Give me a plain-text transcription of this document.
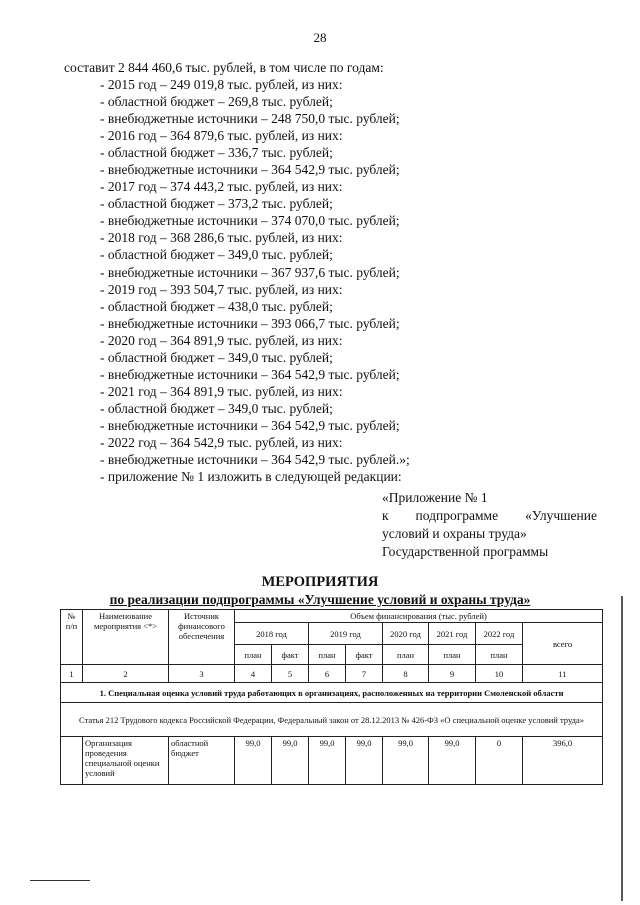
28
составит 2 844 460,6 тыс. рублей, в том числе по годам:
- 2015 год – 249 019,8 тыс. рублей, из них:
- областной бюджет – 269,8 тыс. рублей;
- внебюджетные источники – 248 750,0 тыс. рублей;
- 2016 год – 364 879,6 тыс. рублей, из них:
- областной бюджет – 336,7 тыс. рублей;
- внебюджетные источники – 364 542,9 тыс. рублей;
- 2017 год – 374 443,2 тыс. рублей, из них:
- областной бюджет – 373,2 тыс. рублей;
- внебюджетные источники – 374 070,0 тыс. рублей;
- 2018 год – 368 286,6 тыс. рублей, из них:
- областной бюджет – 349,0 тыс. рублей;
- внебюджетные источники – 367 937,6 тыс. рублей;
- 2019 год – 393 504,7 тыс. рублей, из них:
- областной бюджет – 438,0 тыс. рублей;
- внебюджетные источники – 393 066,7 тыс. рублей;
- 2020 год – 364 891,9 тыс. рублей, из них:
- областной бюджет – 349,0 тыс. рублей;
- внебюджетные источники – 364 542,9 тыс. рублей;
- 2021 год – 364 891,9 тыс. рублей, из них:
- областной бюджет – 349,0 тыс. рублей;
- внебюджетные источники – 364 542,9 тыс. рублей;
- 2022 год – 364 542,9 тыс. рублей, из них:
- внебюджетные источники – 364 542,9 тыс. рублей.»;
- приложение № 1 изложить в следующей редакции:
«Приложение № 1
к подпрограмме «Улучшение
условий и охраны труда»
Государственной программы
МЕРОПРИЯТИЯ
по реализации подпрограммы «Улучшение условий и охраны труда»
№ п/п	Наименование мероприятия <*>	Источник финансового обеспечения	Объем финансирования (тыс. рублей)							
			2018 год		2019 год		2020 год	2021 год	2022 год	всего
			план	факт	план	факт	план	план	план	
1	2	3	4	5	6	7	8	9	10	11
1. Специальная оценка условий труда работающих в организациях, расположенных на территории Смоленской области										
Статья 212 Трудового кодекса Российской Федерации, Федеральный закон от 28.12.2013 № 426-ФЗ «О специальной оценке условий труда»										
	Организация проведения специальной оценки условий	областной бюджет	99,0	99,0	99,0	99,0	99,0	99,0	0	396,0
